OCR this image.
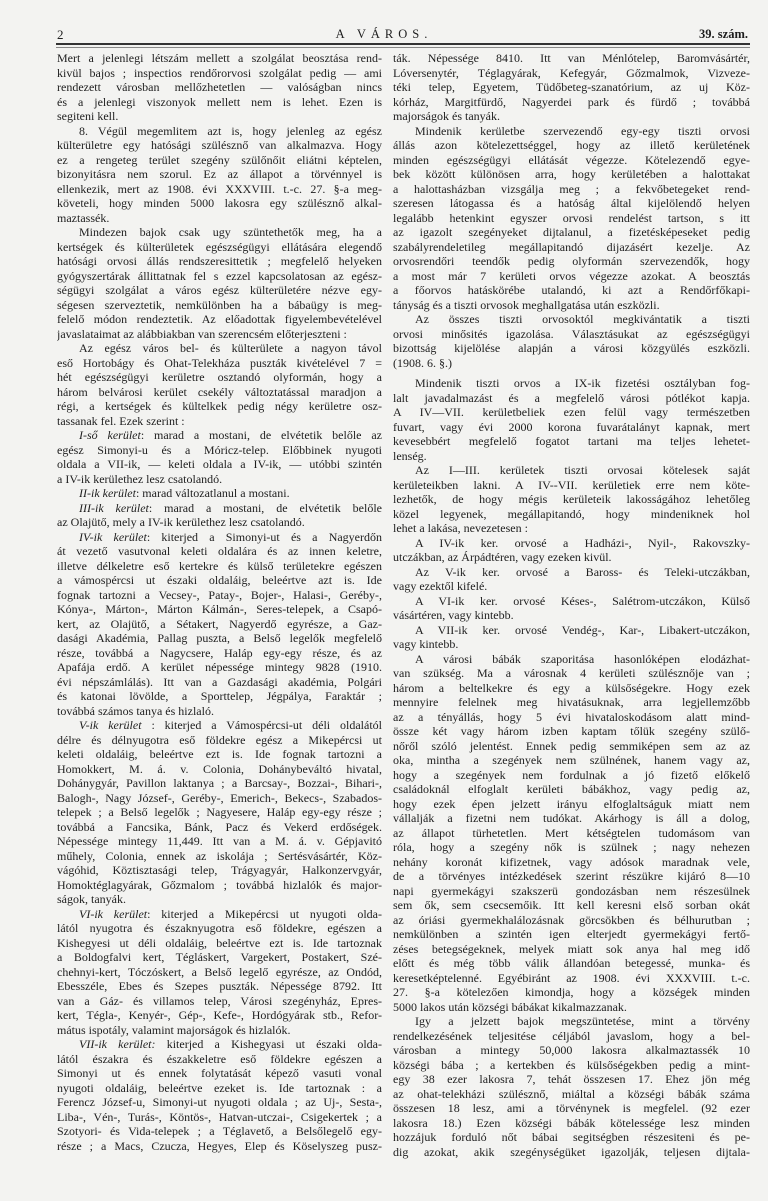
2	A VÁROS.	39. szám.
Mert a jelenlegi létszám mellett a szolgálat beosztása rend-
kivül bajos ; inspectios rendőrorvosi szolgálat pedig — ami
rendezett városban mellőzhetetlen — valóságban nincs
és a jelenlegi viszonyok mellett nem is lehet. Ezen is
segiteni kell.
8. Végül megemlitem azt is, hogy jelenleg az egész
külterületre egy hatósági szülésznő van alkalmazva. Hogy
ez a rengeteg terület szegény szülőnőit eliátni képtelen,
bizonyitásra nem szorul. Ez az állapot a törvénnyel is
ellenkezik, mert az 1908. évi XXXVIII. t.-c. 27. §-a meg-
követeli, hogy minden 5000 lakosra egy szülésznő alkal-
maztassék.
Mindezen bajok csak ugy szüntethetők meg, ha a
kertségek és külterületek egészségügyi ellátására elegendő
hatósági orvosi állás rendszeresittetik ; megfelelő helyeken
gyógyszertárak állittatnak fel s ezzel kapcsolatosan az egész-
ségügyi szolgálat a város egész külterületére nézve egy-
ségesen szerveztetik, nemkülönben ha a bábaügy is meg-
felelő módon rendeztetik. Az előadottak figyelembevételével
javaslataimat az alábbiakban van szerencsém előterjeszteni :
Az egész város bel- és külterülete a nagyon távol
eső Hortobágy és Ohat-Telekháza puszták kivételével 7 =
hét egészségügyi kerületre osztandó olyformán, hogy a
három belvárosi kerület csekély változtatással maradjon a
régi, a kertségek és kültelkek pedig négy kerületre osz-
tassanak fel. Ezek szerint :
I-ső kerület: marad a mostani, de elvétetik belőle az
egész Simonyi-u és a Móricz-telep. Előbbinek nyugoti
oldala a VII-ik, — keleti oldala a IV-ik, — utóbbi szintén
a IV-ik kerülethez lesz csatolandó.
II-ik kerület: marad változatlanul a mostani.
III-ik kerület: marad a mostani, de elvétetik belőle
az Olajütő, mely a IV-ik kerülethez lesz csatolandó.
IV-ik kerület: kiterjed a Simonyi-ut és a Nagyerdőn
át vezető vasutvonal keleti oldalára és az innen keletre,
illetve délkeletre eső kertekre és külső területekre egészen
a vámospércsi ut északi oldaláig, beleértve azt is. Ide
fognak tartozni a Vecsey-, Patay-, Bojer-, Halasi-, Geréby-,
Kónya-, Márton-, Márton Kálmán-, Seres-telepek, a Csapó-
kert, az Olajütő, a Sétakert, Nagyerdő egyrésze, a Gaz-
dasági Akadémia, Pallag puszta, a Belső legelők megfelelő
része, továbbá a Nagycsere, Haláp egy-egy része, és az
Apafája erdő. A kerület népessége mintegy 9828 (1910.
évi népszámlálás). Itt van a Gazdasági akadémia, Polgári
és katonai lövölde, a Sporttelep, Jégpálya, Faraktár ;
továbbá számos tanya és hizlaló.
V-ik kerület : kiterjed a Vámospércsi-ut déli oldalától
délre és délnyugotra eső földekre egész a Mikepércsi ut
keleti oldaláig, beleértve ezt is. Ide fognak tartozni a
Homokkert, M. á. v. Colonia, Dohánybeváltó hivatal,
Dohánygyár, Pavillon laktanya ; a Barcsay-, Bozzai-, Bihari-,
Balogh-, Nagy József-, Geréby-, Emerich-, Bekecs-, Szabados-
telepek ; a Belső legelők ; Nagyesere, Haláp egy-egy része ;
továbbá a Fancsika, Bánk, Pacz és Vekerd erdőségek.
Népessége mintegy 11,449. Itt van a M. á. v. Gépjavitó
műhely, Colonia, ennek az iskolája ; Sertésvásártér, Köz-
vágóhid, Köztisztasági telep, Trágyagyár, Halkonzervgyár,
Homoktéglagyárak, Gőzmalom ; továbbá hizlalók és major-
ságok, tanyák.
VI-ik kerület: kiterjed a Mikepércsi ut nyugoti olda-
lától nyugotra és északnyugotra eső földekre, egészen a
Kishegyesi ut déli oldaláig, beleértve ezt is. Ide tartoznak
a Boldogfalvi kert, Tégláskert, Vargekert, Postakert, Szé-
chehnyi-kert, Tóczóskert, a Belső legelő egyrésze, az Ondód,
Ebesszéle, Ebes és Szepes puszták. Népessége 8792. Itt
van a Gáz- és villamos telep, Városi szegényház, Epres-
kert, Tégla-, Kenyér-, Gép-, Kefe-, Hordógyárak stb., Refor-
mátus ispotály, valamint majorságok és hizlalók.
VII-ik kerület: kiterjed a Kishegyasi ut északi olda-
lától északra és északkeletre eső földekre egészen a
Simonyi ut és ennek folytatását képező vasuti vonal
nyugoti oldaláig, beleértve ezeket is. Ide tartoznak : a
Ferencz József-u, Simonyi-ut nyugoti oldala ; az Uj-, Sesta-,
Liba-, Vén-, Turás-, Köntös-, Hatvan-utczai-, Csigekertek ; a
Szotyori- és Vida-telepek ; a Téglavető, a Belsőlegelő egy-
része ; a Macs, Czucza, Hegyes, Elep és Köselyszeg pusz-
ták. Népessége 8410. Itt van Ménlótelep, Baromvásártér,
Lóversenytér, Téglagyárak, Kefegyár, Gőzmalmok, Vizveze-
téki telep, Egyetem, Tüdőbeteg-szanatórium, az uj Köz-
kórház, Margitfürdő, Nagyerdei park és fürdő ; továbbá
majorságok és tanyák.
Mindenik kerületbe szervezendő egy-egy tiszti orvosi
állás azon kötelezettséggel, hogy az illető kerületének
minden egészségügyi ellátását végezze. Kötelezendő egye-
bek között különösen arra, hogy kerületében a halottakat
a halottasházban vizsgálja meg ; a fekvőbetegeket rend-
szeresen látogassa és a hatóság által kijelölendő helyen
legalább hetenkint egyszer orvosi rendelést tartson, s itt
az igazolt szegényeket dijtalanul, a fizetésképeseket pedig
szabályrendeletileg megállapitandó dijazásért kezelje. Az
orvosrendőri teendők pedig olyformán szervezendők, hogy
a most már 7 kerületi orvos végezze azokat. A beosztás
a főorvos hatáskörébe utalandó, ki azt a Rendőrfőkapi-
tányság és a tiszti orvosok meghallgatása után eszközli.
Az összes tiszti orvosoktól megkivántatik a tiszti
orvosi minősités igazolása. Választásukat az egészségügyi
bizottság kijelölése alapján a városi közgyülés eszközli.
(1908. 6. §.)
Mindenik tiszti orvos a IX-ik fizetési osztályban fog-
lalt javadalmazást és a megfelelő városi pótlékot kapja.
A IV—VII. kerületbeliek ezen felül vagy természetben
fuvart, vagy évi 2000 korona fuvarátalányt kapnak, mert
kevesebbért megfelelő fogatot tartani ma teljes lehetet-
lenség.
Az I—III. kerületek tiszti orvosai kötelesek saját
kerületeikben lakni. A IV--VII. kerületiek erre nem köte-
lezhetők, de hogy mégis kerületeik lakosságához lehetőleg
közel legyenek, megállapitandó, hogy mindeniknek hol
lehet a lakása, nevezetesen :
A IV-ik ker. orvosé a Hadházi-, Nyil-, Rakovszky-
utczákban, az Árpádtéren, vagy ezeken kivül.
Az V-ik ker. orvosé a Baross- és Teleki-utczákban,
vagy ezektől kifelé.
A VI-ik ker. orvosé Késes-, Salétrom-utczákon, Külső
vásártéren, vagy kintebb.
A VII-ik ker. orvosé Vendég-, Kar-, Libakert-utczákon,
vagy kintebb.
A városi bábák szaporitása hasonlóképen elodázhat-
van szükség. Ma a városnak 4 kerületi szülésznője van ;
három a beltelkekre és egy a külsőségekre. Hogy ezek
mennyire felelnek meg hivatásuknak, arra legjellemzőbb
az a tényállás, hogy 5 évi hivataloskodásom alatt mind-
össze két vagy három izben kaptam tőlük szegény szülő-
nőről szóló jelentést. Ennek pedig semmiképen sem az az
oka, mintha a szegények nem szülnének, hanem vagy az,
hogy a szegények nem fordulnak a jó fizető előkelő
családoknál elfoglalt kerületi bábákhoz, vagy pedig az,
hogy ezek épen jelzett irányu elfoglaltságuk miatt nem
vállalják a fizetni nem tudókat. Akárhogy is áll a dolog,
az állapot türhetetlen. Mert kétségtelen tudomásom van
róla, hogy a szegény nők is szülnek ; nagy nehezen
nehány koronát kifizetnek, vagy adósok maradnak vele,
de a törvényes intézkedések szerint részükre kijáró 8—10
napi gyermekágyi szakszerü gondozásban nem részesülnek
sem ők, sem csecsemőik. Itt kell keresni első sorban okát
az óriási gyermekhalálozásnak görcsökben és bélhurutban ;
nemkülönben a szintén igen elterjedt gyermekágyi fertő-
zéses betegségeknek, melyek miatt sok anya hal meg idő
előtt és még több válik állandóan betegessé, munka- és
keresetképtelenné. Egyébiránt az 1908. évi XXXVIII. t.-c.
27. §-a kötelezően kimondja, hogy a községek minden
5000 lakos után községi bábákat kikalmazzanak.
Igy a jelzett bajok megszüntetése, mint a törvény
rendelkezésének teljesitése céljából javaslom, hogy a bel-
városban a mintegy 50,000 lakosra alkalmaztassék 10
községi bába ; a kertekben és külsőségekben pedig a mint-
egy 38 ezer lakosra 7, tehát összesen 17. Ehez jön még
az ohat-telekházi szülésznő, miáltal a községi bábák száma
összesen 18 lesz, ami a törvénynek is megfelel. (92 ezer
lakosra 18.) Ezen községi bábák kötelessége lesz minden
hozzájuk forduló nőt bábai segitségben részesiteni és pe-
dig azokat, akik szegénységüket igazolják, teljesen dijtala-
